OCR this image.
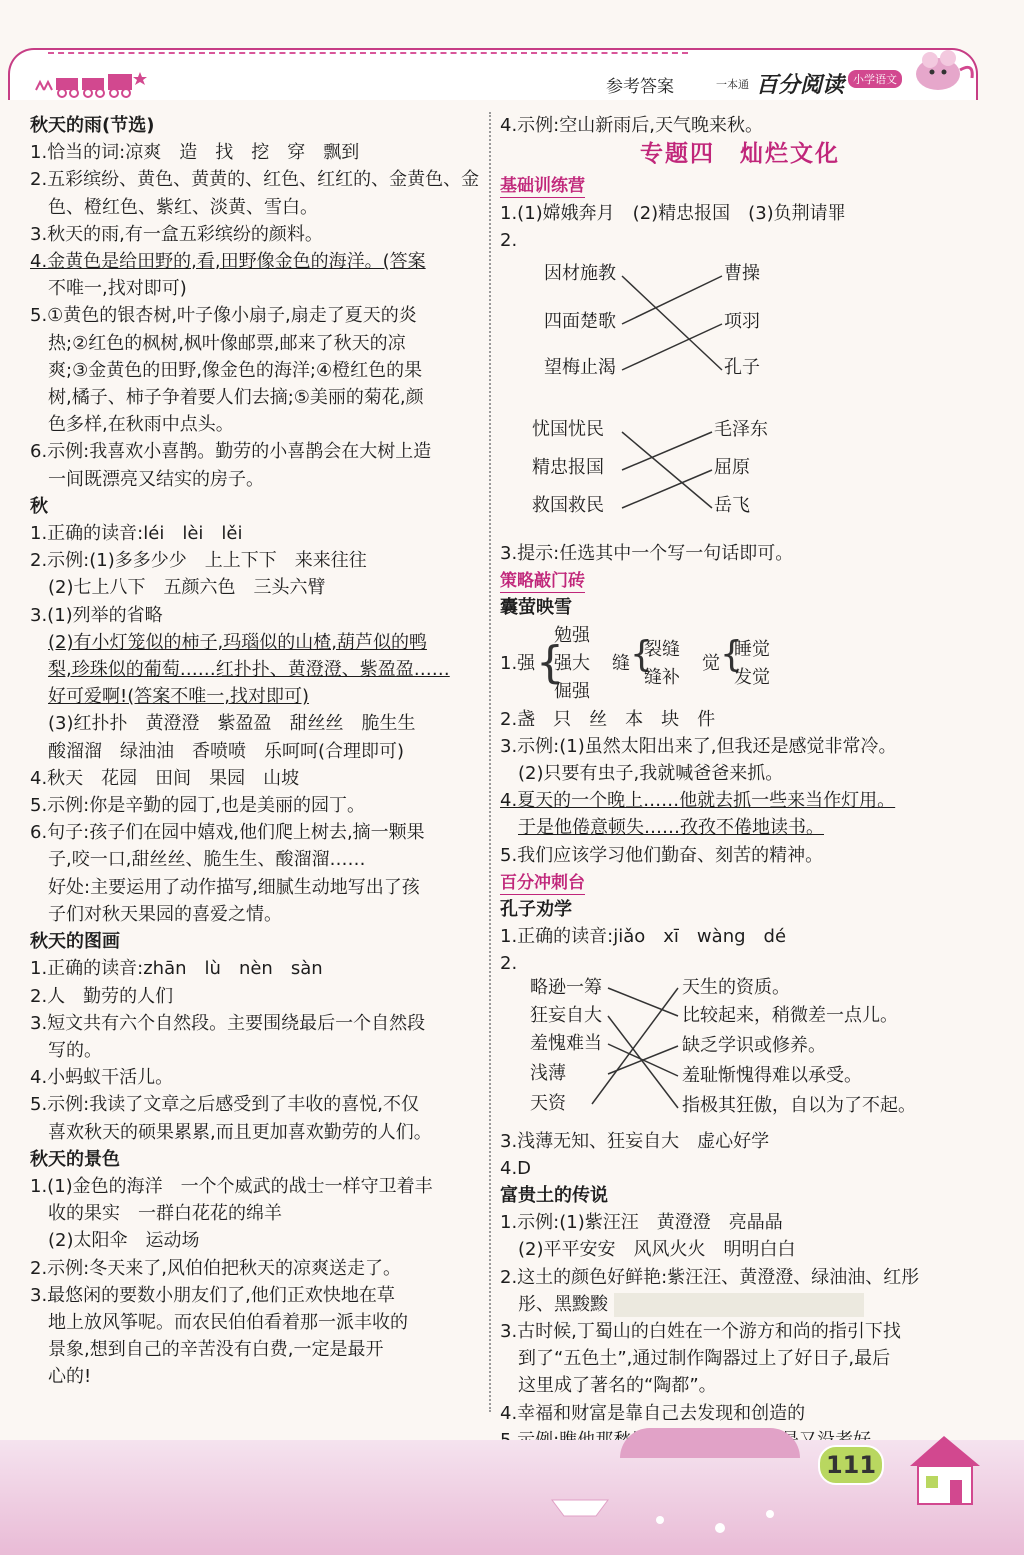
参考答案	一本通 百分阅读 小学语文
秋天的雨(节选)
1.恰当的词:凉爽　造　找　挖　穿　飘到
2.五彩缤纷、黄色、黄黄的、红色、红红的、金黄色、金
色、橙红色、紫红、淡黄、雪白。
3.秋天的雨,有一盒五彩缤纷的颜料。
4.金黄色是给田野的,看,田野像金色的海洋。(答案
不唯一,找对即可)
5.①黄色的银杏树,叶子像小扇子,扇走了夏天的炎
热;②红色的枫树,枫叶像邮票,邮来了秋天的凉
爽;③金黄色的田野,像金色的海洋;④橙红色的果
树,橘子、柿子争着要人们去摘;⑤美丽的菊花,颜
色多样,在秋雨中点头。
6.示例:我喜欢小喜鹊。勤劳的小喜鹊会在大树上造
一间既漂亮又结实的房子。
秋
1.正确的读音:léi　lèi　lěi
2.示例:(1)多多少少　上上下下　来来往往
(2)七上八下　五颜六色　三头六臂
3.(1)列举的省略
(2)有小灯笼似的柿子,玛瑙似的山楂,葫芦似的鸭
梨,珍珠似的葡萄……红扑扑、黄澄澄、紫盈盈……
好可爱啊!(答案不唯一,找对即可)
(3)红扑扑　黄澄澄　紫盈盈　甜丝丝　脆生生
酸溜溜　绿油油　香喷喷　乐呵呵(合理即可)
4.秋天　花园　田间　果园　山坡
5.示例:你是辛勤的园丁,也是美丽的园丁。
6.句子:孩子们在园中嬉戏,他们爬上树去,摘一颗果
子,咬一口,甜丝丝、脆生生、酸溜溜……
好处:主要运用了动作描写,细腻生动地写出了孩
子们对秋天果园的喜爱之情。
秋天的图画
1.正确的读音:zhān　lù　nèn　sàn
2.人　勤劳的人们
3.短文共有六个自然段。主要围绕最后一个自然段
写的。
4.小蚂蚁干活儿。
5.示例:我读了文章之后感受到了丰收的喜悦,不仅
喜欢秋天的硕果累累,而且更加喜欢勤劳的人们。
秋天的景色
1.(1)金色的海洋　一个个威武的战士一样守卫着丰
收的果实　一群白花花的绵羊
(2)太阳伞　运动场
2.示例:冬天来了,风伯伯把秋天的凉爽送走了。
3.最悠闲的要数小朋友们了,他们正欢快地在草
地上放风筝呢。而农民伯伯看着那一派丰收的
景象,想到自己的辛苦没有白费,一定是最开
心的!
4.示例:空山新雨后,天气晚来秋。
专题四　灿烂文化
基础训练营
1.(1)嫦娥奔月　(2)精忠报国　(3)负荆请罪
2.
因材施教
四面楚歌
望梅止渴
曹操
项羽
孔子
忧国忧民
精忠报国
救国救民
毛泽东
屈原
岳飞
3.提示:任选其中一个写一句话即可。
策略敲门砖
囊萤映雪
1.强 {
勉强
强大
倔强
缝 {
裂缝
缝补
觉 {
睡觉
发觉
2.盏　只　丝　本　块　件
3.示例:(1)虽然太阳出来了,但我还是感觉非常冷。
(2)只要有虫子,我就喊爸爸来抓。
4.夏天的一个晚上……他就去抓一些来当作灯用。
于是他倦意顿失……孜孜不倦地读书。
5.我们应该学习他们勤奋、刻苦的精神。
百分冲刺台
孔子劝学
1.正确的读音:jiǎo　xī　wàng　dé
2.
略逊一筹
狂妄自大
羞愧难当
浅薄
天资
天生的资质。
比较起来，稍微差一点儿。
缺乏学识或修养。
羞耻惭愧得难以承受。
指极其狂傲，自以为了不起。
3.浅薄无知、狂妄自大　虚心好学
4.D
富贵土的传说
1.示例:(1)紫汪汪　黄澄澄　亮晶晶
(2)平平安安　风风火火　明明白白
2.这土的颜色好鲜艳:紫汪汪、黄澄澄、绿油油、红彤
彤、黑黢黢
3.古时候,丁蜀山的白姓在一个游方和尚的指引下找
到了“五色土”,通过制作陶器过上了好日子,最后
这里成了著名的“陶都”。
4.幸福和财富是靠自己去发现和创造的
111
